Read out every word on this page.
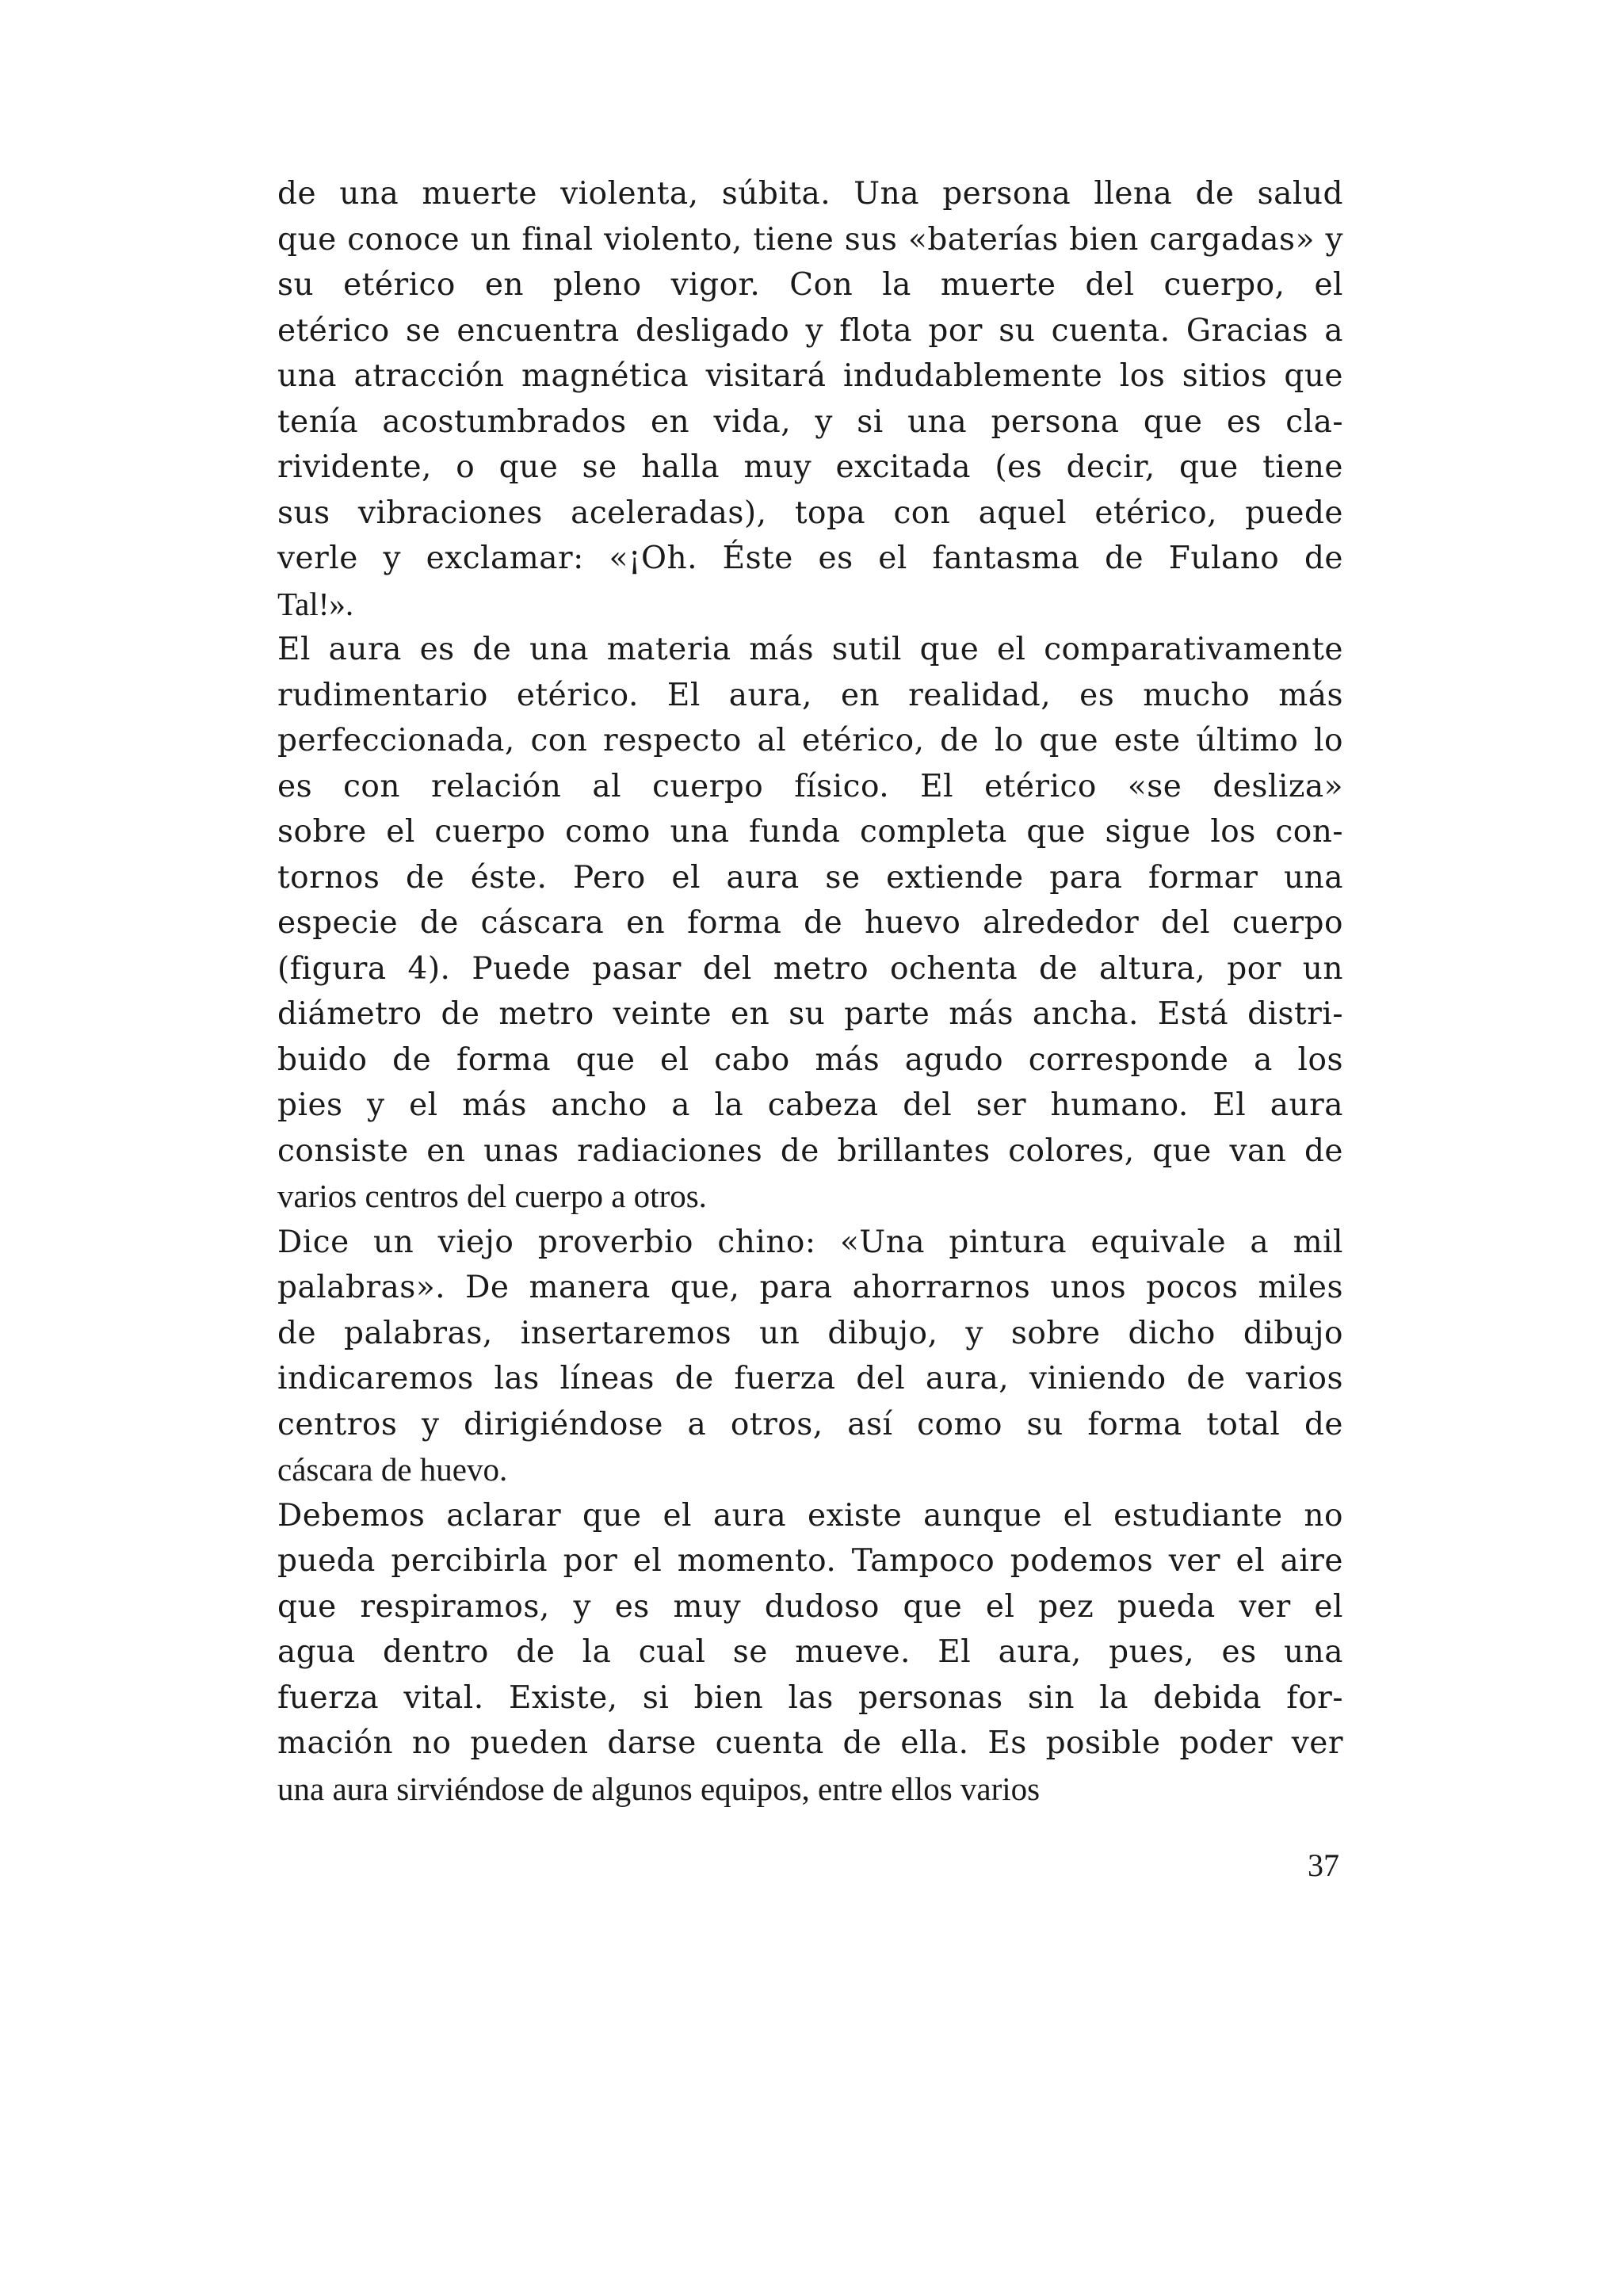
de una muerte violenta, súbita. Una persona llena de salud
que conoce un final violento, tiene sus «baterías bien cargadas» y
su etérico en pleno vigor. Con la muerte del cuerpo, el
etérico se encuentra desligado y flota por su cuenta. Gracias a
una atracción magnética visitará indudablemente los sitios que
tenía acostumbrados en vida, y si una persona que es cla-
rividente, o que se halla muy excitada (es decir, que tiene
sus vibraciones aceleradas), topa con aquel etérico, puede
verle y exclamar: «¡Oh. Éste es el fantasma de Fulano de
Tal!».
El aura es de una materia más sutil que el comparativamente
rudimentario etérico. El aura, en realidad, es mucho más
perfeccionada, con respecto al etérico, de lo que este último lo
es con relación al cuerpo físico. El etérico «se desliza»
sobre el cuerpo como una funda completa que sigue los con-
tornos de éste. Pero el aura se extiende para formar una
especie de cáscara en forma de huevo alrededor del cuerpo
(figura 4). Puede pasar del metro ochenta de altura, por un
diámetro de metro veinte en su parte más ancha. Está distri-
buido de forma que el cabo más agudo corresponde a los
pies y el más ancho a la cabeza del ser humano. El aura
consiste en unas radiaciones de brillantes colores, que van de
varios centros del cuerpo a otros.
Dice un viejo proverbio chino: «Una pintura equivale a mil
palabras». De manera que, para ahorrarnos unos pocos miles
de palabras, insertaremos un dibujo, y sobre dicho dibujo
indicaremos las líneas de fuerza del aura, viniendo de varios
centros y dirigiéndose a otros, así como su forma total de
cáscara de huevo.
Debemos aclarar que el aura existe aunque el estudiante no
pueda percibirla por el momento. Tampoco podemos ver el aire
que respiramos, y es muy dudoso que el pez pueda ver el
agua dentro de la cual se mueve. El aura, pues, es una
fuerza vital. Existe, si bien las personas sin la debida for-
mación no pueden darse cuenta de ella. Es posible poder ver
una aura sirviéndose de algunos equipos, entre ellos varios
37
